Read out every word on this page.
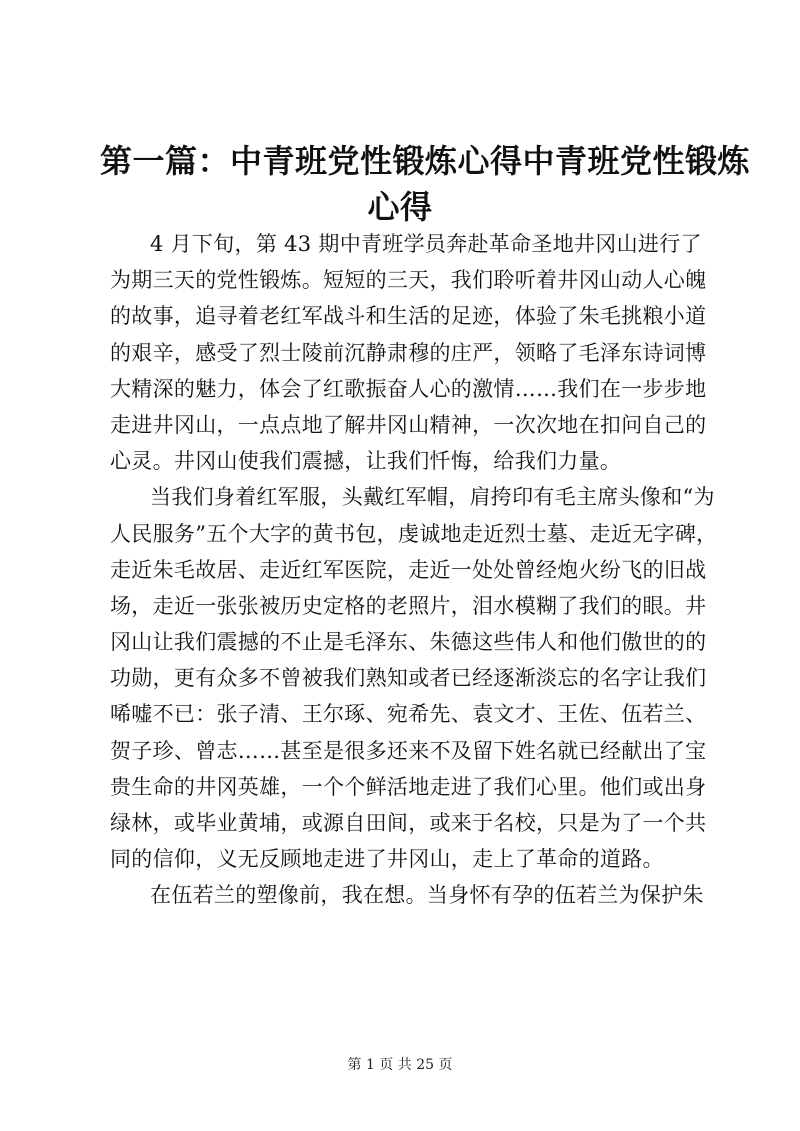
第一篇：中青班党性锻炼心得中青班党性锻炼
心得
4 月下旬，第 43 期中青班学员奔赴革命圣地井冈山进行了
为期三天的党性锻炼。短短的三天，我们聆听着井冈山动人心魄
的故事，追寻着老红军战斗和生活的足迹，体验了朱毛挑粮小道
的艰辛，感受了烈士陵前沉静肃穆的庄严，领略了毛泽东诗词博
大精深的魅力，体会了红歌振奋人心的激情……我们在一步步地
走进井冈山，一点点地了解井冈山精神，一次次地在扣问自己的
心灵。井冈山使我们震撼，让我们忏悔，给我们力量。
当我们身着红军服，头戴红军帽，肩挎印有毛主席头像和“为
人民服务”五个大字的黄书包，虔诚地走近烈士墓、走近无字碑，
走近朱毛故居、走近红军医院，走近一处处曾经炮火纷飞的旧战
场，走近一张张被历史定格的老照片，泪水模糊了我们的眼。井
冈山让我们震撼的不止是毛泽东、朱德这些伟人和他们傲世的的
功勋，更有众多不曾被我们熟知或者已经逐渐淡忘的名字让我们
唏嘘不已：张子清、王尔琢、宛希先、袁文才、王佐、伍若兰、
贺子珍、曾志……甚至是很多还来不及留下姓名就已经献出了宝
贵生命的井冈英雄，一个个鲜活地走进了我们心里。他们或出身
绿林，或毕业黄埔，或源自田间，或来于名校，只是为了一个共
同的信仰，义无反顾地走进了井冈山，走上了革命的道路。
在伍若兰的塑像前，我在想。当身怀有孕的伍若兰为保护朱
第 1 页 共 25 页
